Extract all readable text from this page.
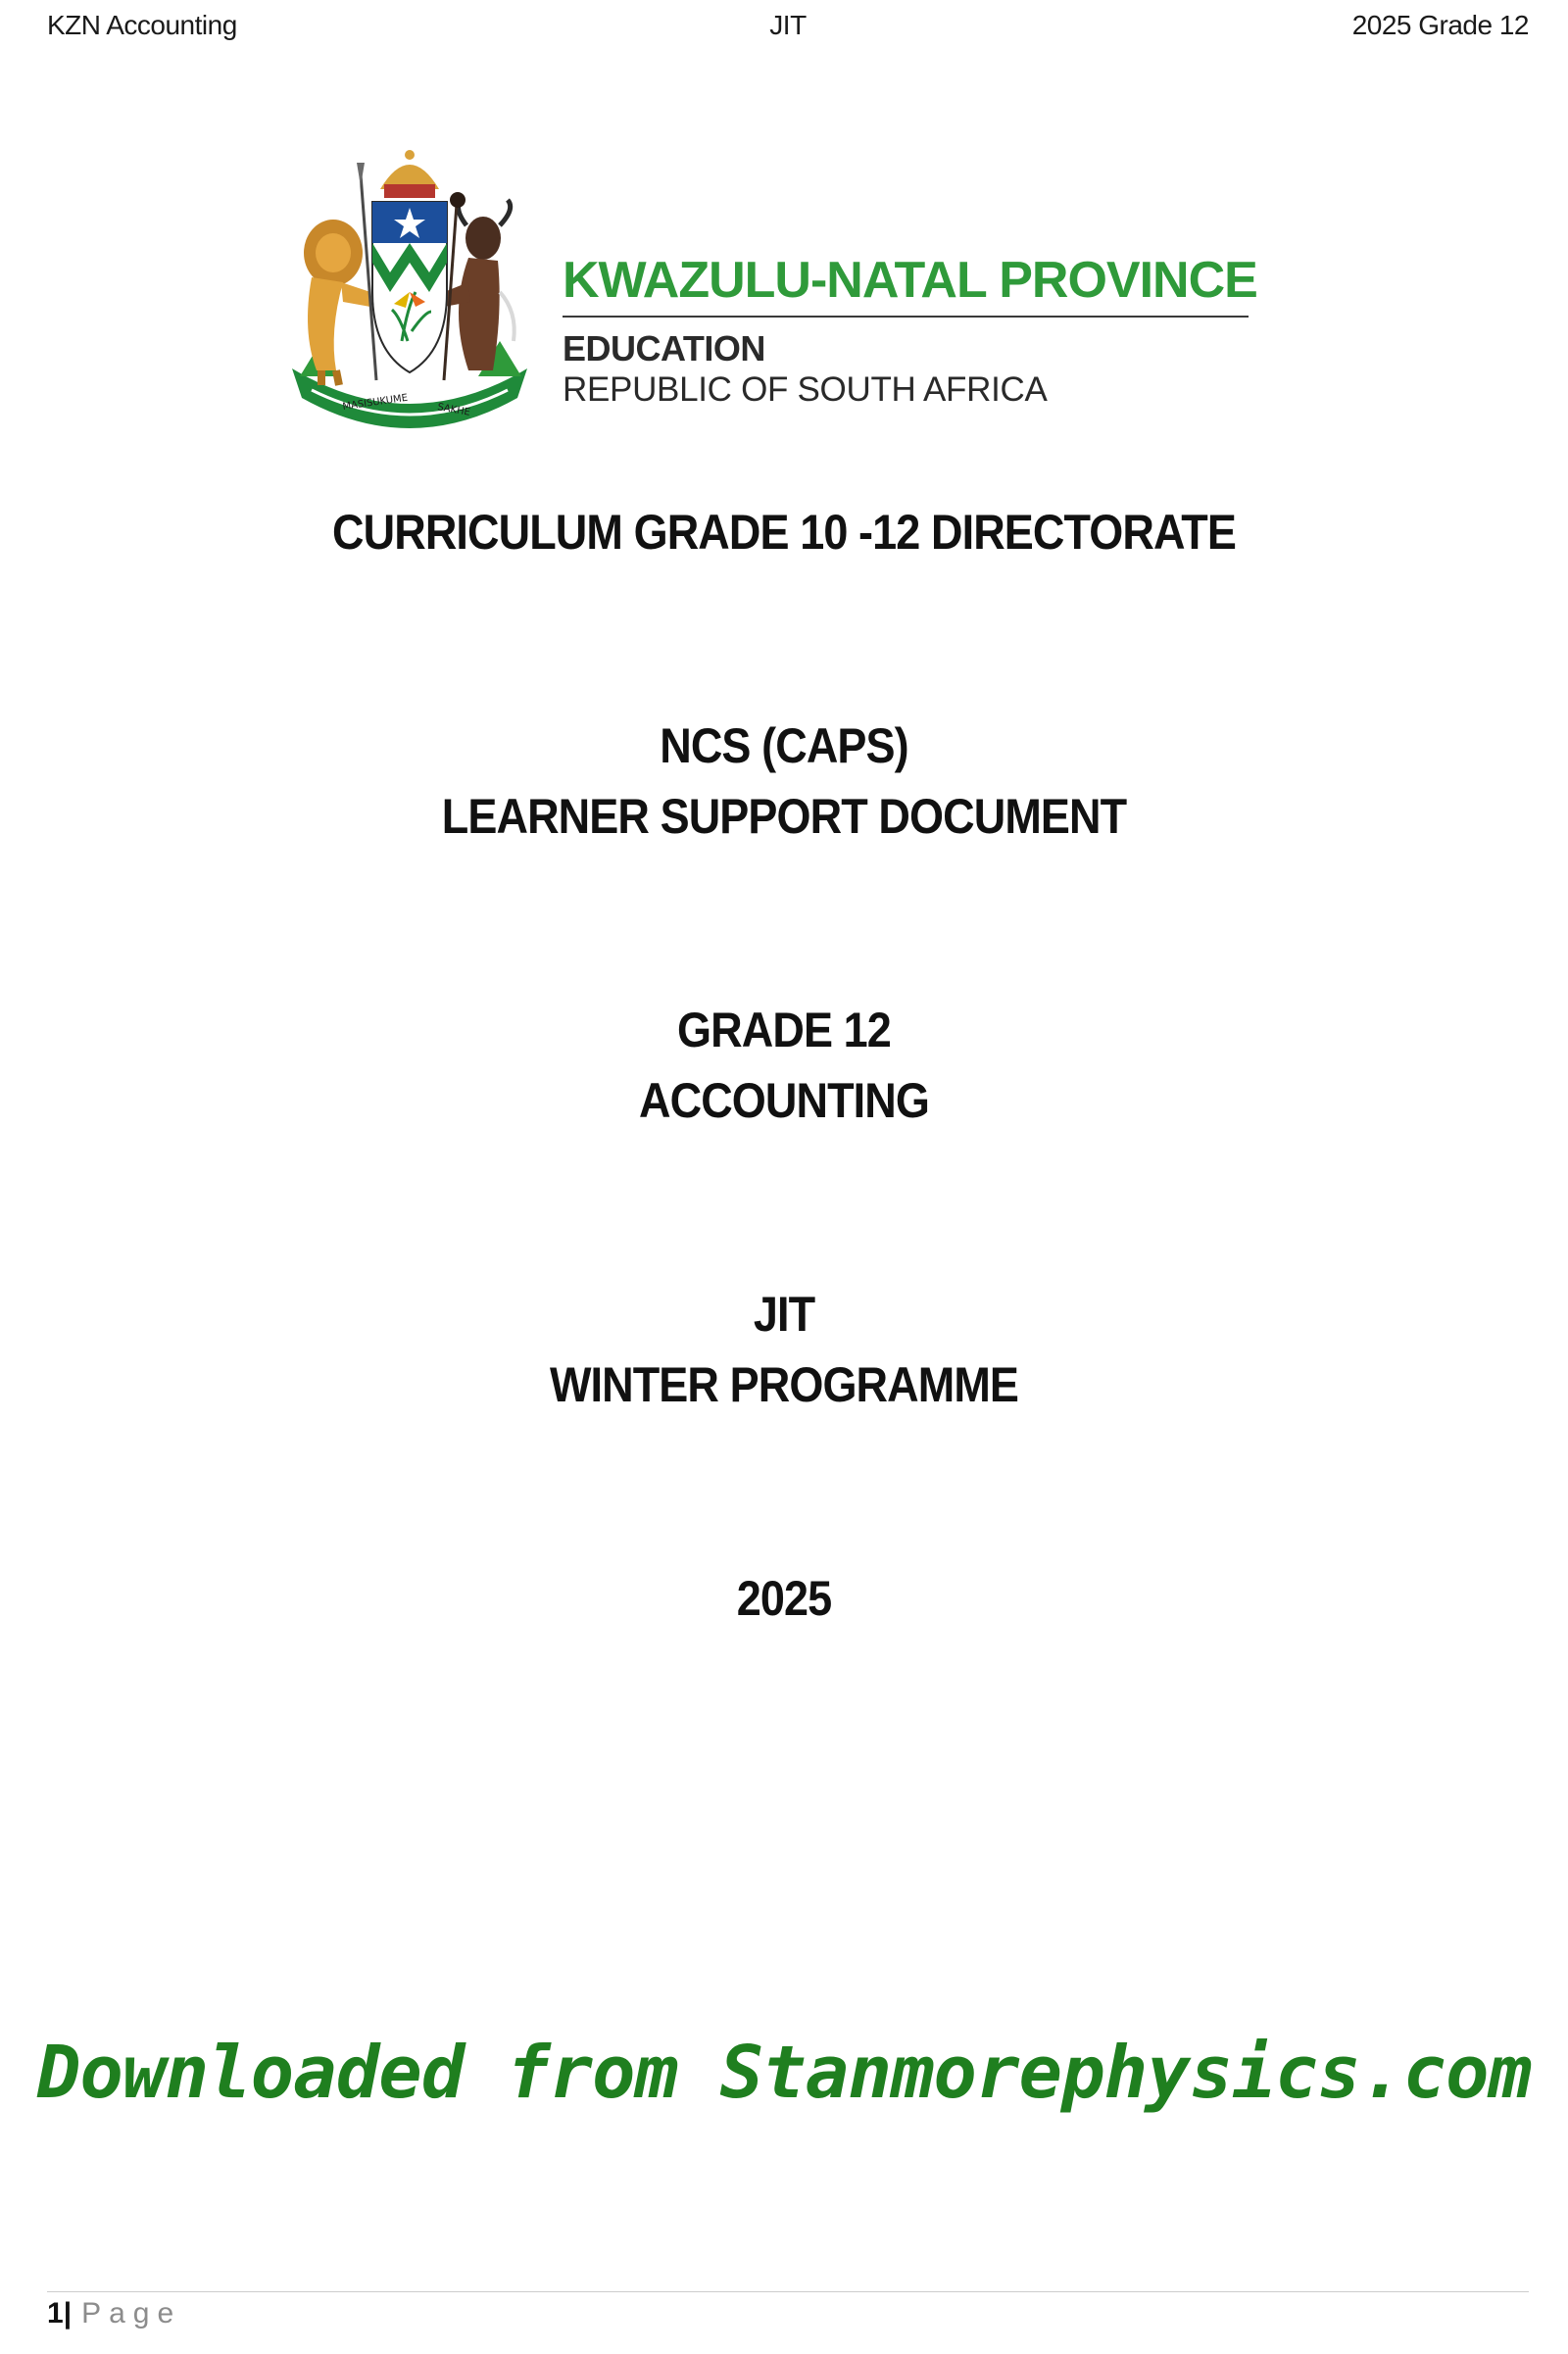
KZN Accounting	JIT	2025 Grade 12
MASISUKUME	SAKHE
KWAZULU-NATAL PROVINCE
EDUCATION
REPUBLIC OF SOUTH AFRICA
CURRICULUM GRADE 10 -12 DIRECTORATE
NCS (CAPS)
LEARNER SUPPORT DOCUMENT
GRADE 12
ACCOUNTING
JIT
WINTER PROGRAMME
2025
Downloaded from Stanmorephysics.com
1| Page
